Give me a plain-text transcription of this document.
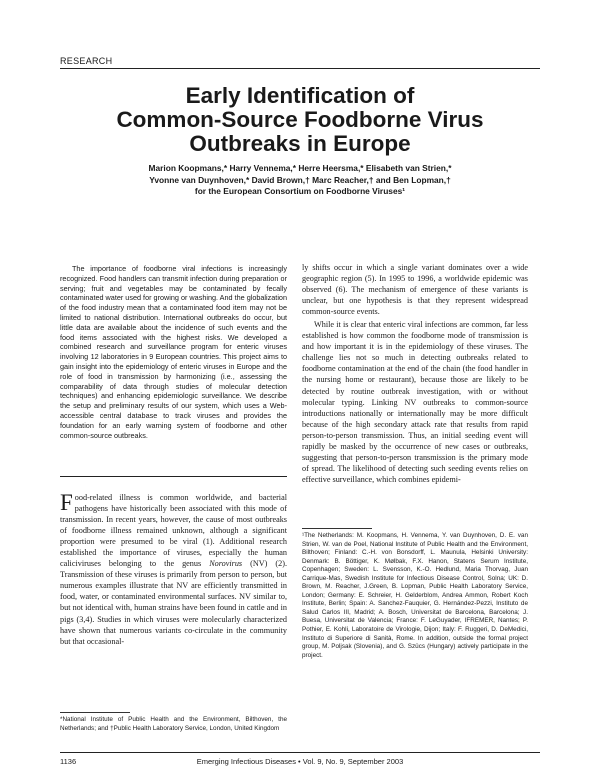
RESEARCH
Early Identification of
Common-Source Foodborne Virus
Outbreaks in Europe
Marion Koopmans,* Harry Vennema,* Herre Heersma,* Elisabeth van Strien,*
Yvonne van Duynhoven,* David Brown,† Marc Reacher,† and Ben Lopman,†
for the European Consortium on Foodborne Viruses¹

The importance of foodborne viral infections is increasingly recognized. Food handlers can transmit infection during preparation or serving; fruit and vegetables may be contaminated by fecally contaminated water used for growing or washing. And the globalization of the food industry mean that a contaminated food item may not be limited to national distribution. International outbreaks do occur, but little data are available about the incidence of such events and the food items associated with the highest risks. We developed a combined research and surveillance program for enteric viruses involving 12 laboratories in 9 European countries. This project aims to gain insight into the epidemiology of enteric viruses in Europe and the role of food in transmission by harmonizing (i.e., assessing the comparability of data through studies of molecular detection techniques) and enhancing epidemiologic surveillance. We describe the setup and preliminary results of our system, which uses a Web-accessible central database to track viruses and provides the foundation for an early warning system of foodborne and other common-source outbreaks.

Food-related illness is common worldwide, and bacterial pathogens have historically been associated with this mode of transmission. In recent years, however, the cause of most outbreaks of foodborne illness remained unknown, although a significant proportion were presumed to be viral (1). Additional research established the importance of viruses, especially the human caliciviruses belonging to the genus Norovirus (NV) (2). Transmission of these viruses is primarily from person to person, but numerous examples illustrate that NV are efficiently transmitted in food, water, or contaminated environmental surfaces. NV similar to, but not identical with, human strains have been found in cattle and in pigs (3,4). Studies in which viruses were molecularly characterized have shown that numerous variants co-circulate in the community but that occasional-

*National Institute of Public Health and the Environment, Bilthoven, the Netherlands; and †Public Health Laboratory Service, London, United Kingdom

ly shifts occur in which a single variant dominates over a wide geographic region (5). In 1995 to 1996, a worldwide epidemic was observed (6). The mechanism of emergence of these variants is unclear, but one hypothesis is that they represent widespread common-source events.

While it is clear that enteric viral infections are common, far less established is how common the foodborne mode of transmission is and how important it is in the epidemiology of these viruses. The challenge lies not so much in detecting outbreaks related to foodborne contamination at the end of the chain (the food handler in the nursing home or restaurant), because those are likely to be detected by routine outbreak investigation, with or without molecular typing. Linking NV outbreaks to common-source introductions nationally or internationally may be more difficult because of the high secondary attack rate that results from rapid person-to-person transmission. Thus, an initial seeding event will rapidly be masked by the occurrence of new cases or outbreaks, suggesting that person-to-person transmission is the primary mode of spread. The likelihood of detecting such seeding events relies on effective surveillance, which combines epidemi-

¹The Netherlands: M. Koopmans, H. Vennema, Y. van Duynhoven, D. E. van Strien, W. van de Poel, National Institute of Public Health and the Environment, Bilthoven; Finland: C.-H. von Bonsdorff, L. Maunula, Helsinki University: Denmark: B. Böttiger, K. Mølbak, F.X. Hanon, Statens Serum Institute, Copenhagen; Sweden: L. Svensson, K.-O. Hedlund, Maria Thorvag, Juan Carrique-Mas, Swedish Institute for Infectious Disease Control, Solna; UK: D. Brown, M. Reacher, J.Green, B. Lopman, Public Health Laboratory Service, London; Germany: E. Schreier, H. Gelderblom, Andrea Ammon, Robert Koch Institute, Berlin; Spain: A. Sanchez-Fauquier, G. Hernández-Pezzi, Instituto de Salud Carlos III, Madrid; A. Bosch, Universitat de Barcelona, Barcelona; J. Buesa, Universitat de Valencia; France: F. LeGuyader, IFREMER, Nantes; P. Pothier, E. Kohli, Laboratoire de Virologie, Dijon; Italy: F. Ruggeri, D. DeMedici, Instituto di Superiore di Sanità, Rome. In addition, outside the formal project group, M. Poljsak (Slovenia), and G. Szücs (Hungary) actively participate in the project.

1136	Emerging Infectious Diseases • Vol. 9, No. 9, September 2003
